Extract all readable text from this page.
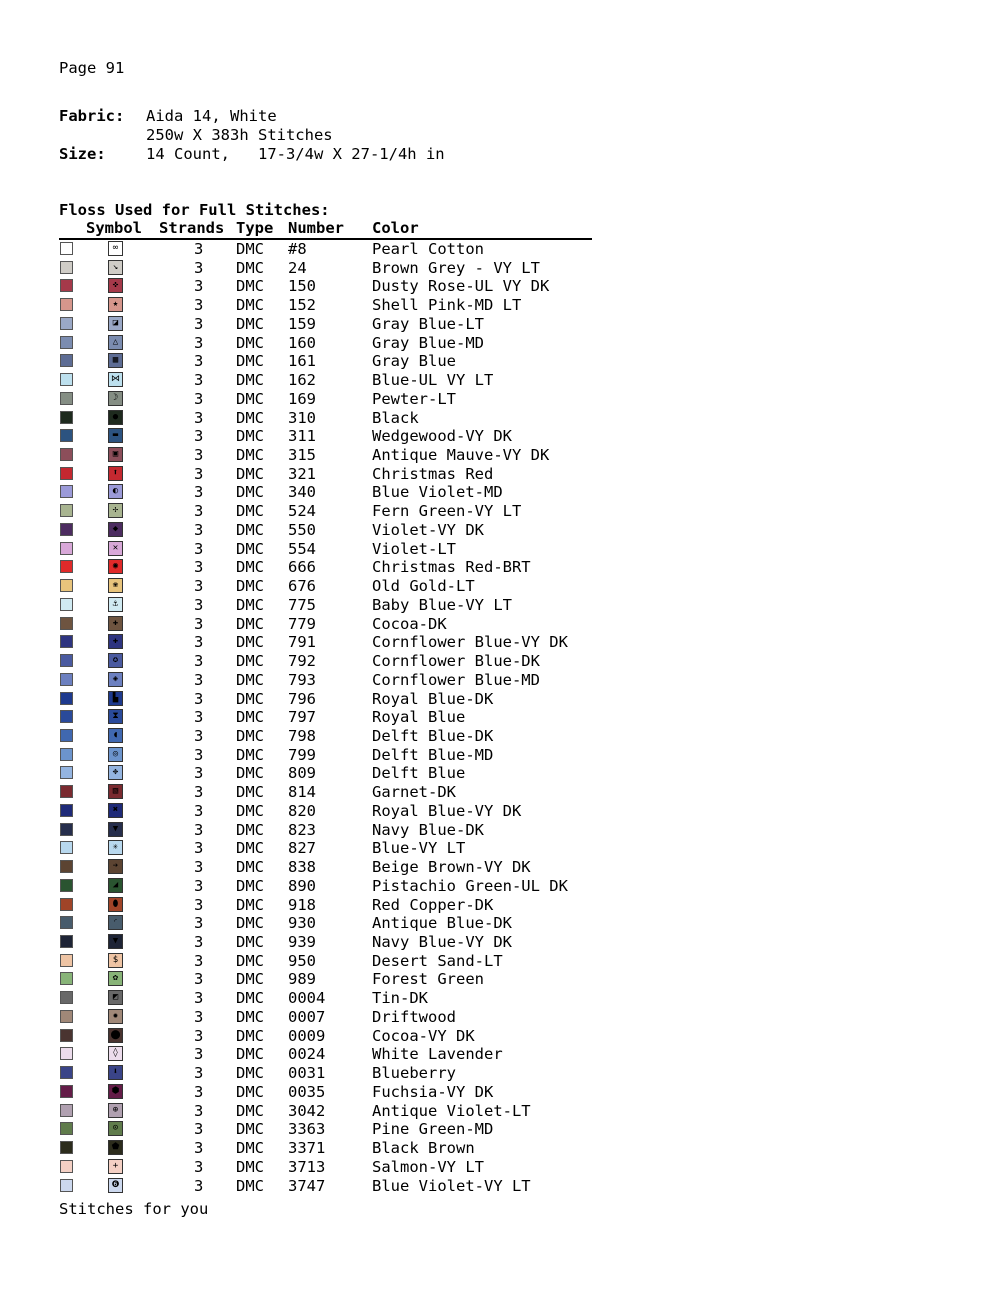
Page 91
Fabric: Aida 14, White
250w X 383h Stitches
Size:	14 Count,   17-3/4w X 27-1/4h in
Floss Used for Full Stitches:
Symbol Strands Type Number Color
∞	3 DMC #8	Pearl Cotton
↘	3 DMC 24	Brown Grey - VY LT
✜	3 DMC 150	Dusty Rose-UL VY DK
★	3 DMC 152	Shell Pink-MD LT
◪	3 DMC 159	Gray Blue-LT
△	3 DMC 160	Gray Blue-MD
▦	3 DMC 161	Gray Blue
⋈	3 DMC 162	Blue-UL VY LT
☽	3 DMC 169	Pewter-LT
●	3 DMC 310	Black
▬	3 DMC 311	Wedgewood-VY DK
▣	3 DMC 315	Antique Mauve-VY DK
⬆	3 DMC 321	Christmas Red
◐	3 DMC 340	Blue Violet-MD
✢	3 DMC 524	Fern Green-VY LT
◆	3 DMC 550	Violet-VY DK
✕	3 DMC 554	Violet-LT
◉	3 DMC 666	Christmas Red-BRT
❀	3 DMC 676	Old Gold-LT
⚓	3 DMC 775	Baby Blue-VY LT
✚	3 DMC 779	Cocoa-DK
✚	3 DMC 791	Cornflower Blue-VY DK
✪	3 DMC 792	Cornflower Blue-DK
◈	3 DMC 793	Cornflower Blue-MD
▙	3 DMC 796	Royal Blue-DK
⧗	3 DMC 797	Royal Blue
◖	3 DMC 798	Delft Blue-DK
◎	3 DMC 799	Delft Blue-MD
✥	3 DMC 809	Delft Blue
▧	3 DMC 814	Garnet-DK
✖	3 DMC 820	Royal Blue-VY DK
▼	3 DMC 823	Navy Blue-DK
✳	3 DMC 827	Blue-VY LT
➔	3 DMC 838	Beige Brown-VY DK
◢	3 DMC 890	Pistachio Green-UL DK
⬮	3 DMC 918	Red Copper-DK
◜	3 DMC 930	Antique Blue-DK
▼	3 DMC 939	Navy Blue-VY DK
$	3 DMC 950	Desert Sand-LT
✿	3 DMC 989	Forest Green
◩	3 DMC 0004	Tin-DK
✹	3 DMC 0007	Driftwood
⬤	3 DMC 0009	Cocoa-VY DK
◊	3 DMC 0024	White Lavender
⬇	3 DMC 0031	Blueberry
⬢	3 DMC 0035	Fuchsia-VY DK
⊕	3 DMC 3042	Antique Violet-LT
⊙	3 DMC 3363	Pine Green-MD
⬟	3 DMC 3371	Black Brown
+	3 DMC 3713	Salmon-VY LT
❻	3 DMC 3747	Blue Violet-VY LT
Stitches for you
